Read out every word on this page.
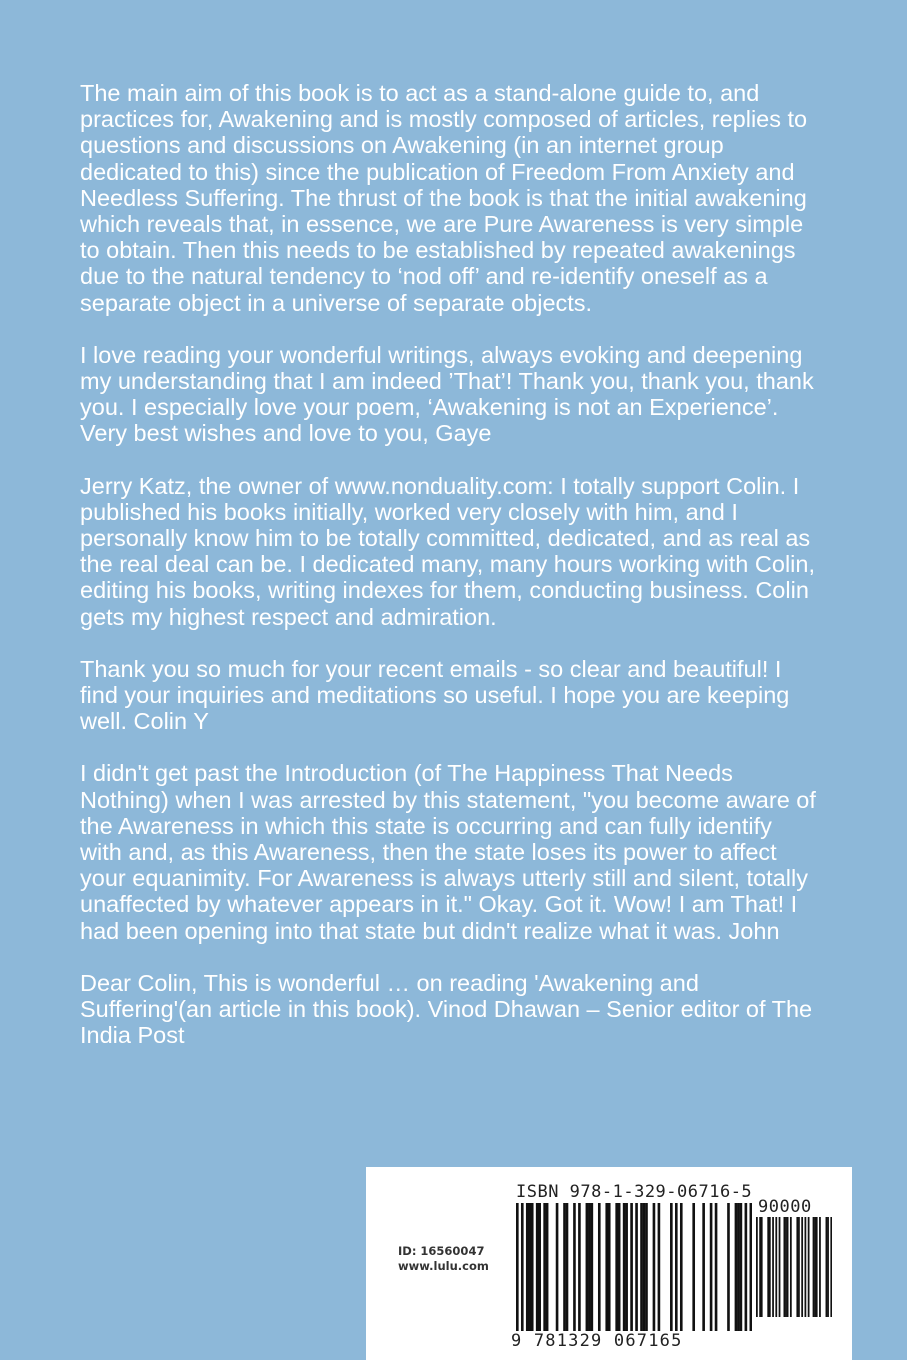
The main aim of this book is to act as a stand-alone guide to, and practices for, Awakening and is mostly composed of articles, replies to questions and discussions on Awakening (in an internet group dedicated to this) since the publication of Freedom From Anxiety and Needless Suffering. The thrust of the book is that the initial awakening which reveals that, in essence, we are Pure Awareness is very simple to obtain. Then this needs to be established by repeated awakenings due to the natural tendency to ‘nod off’ and re-identify oneself as a separate object in a universe of separate objects.

I love reading your wonderful writings, always evoking and deepening my understanding that I am indeed ’That’! Thank you, thank you, thank you. I especially love your poem, ‘Awakening is not an Experience’. Very best wishes and love to you, Gaye

Jerry Katz, the owner of www.nonduality.com: I totally support Colin. I published his books initially, worked very closely with him, and I personally know him to be totally committed, dedicated, and as real as the real deal can be. I dedicated many, many hours working with Colin, editing his books, writing indexes for them, conducting business. Colin gets my highest respect and admiration.

Thank you so much for your recent emails - so clear and beautiful! I find your inquiries and meditations so useful. I hope you are keeping well. Colin Y

I didn't get past the Introduction (of The Happiness That Needs Nothing) when I was arrested by this statement, "you become aware of the Awareness in which this state is occurring and can fully identify with and, as this Awareness, then the state loses its power to affect your equanimity. For Awareness is always utterly still and silent, totally unaffected by whatever appears in it." Okay. Got it. Wow! I am That! I had been opening into that state but didn't realize what it was. John

Dear Colin, This is wonderful … on reading 'Awakening and Suffering'(an article in this book). Vinod Dhawan – Senior editor of The India Post

ID: 16560047
www.lulu.com
ISBN 978-1-329-06716-5
90000
9 781329 067165
